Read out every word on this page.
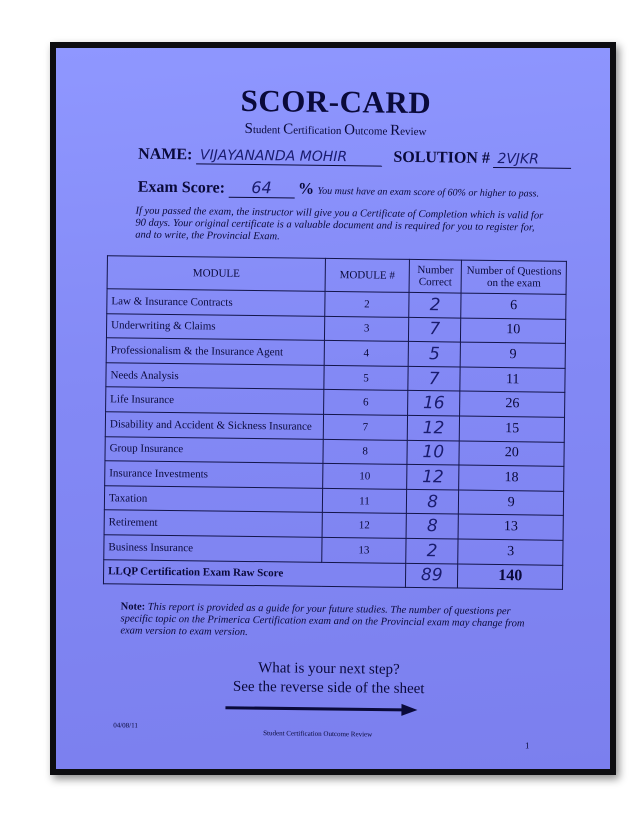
SCOR-CARD
Student Certification Outcome Review
NAME: VIJAYANANDA MOHIR	SOLUTION # 2VJKR
Exam Score: 64 % You must have an exam score of 60% or higher to pass.
If you passed the exam, the instructor will give you a Certificate of Completion which is valid for 90 days. Your original certificate is a valuable document and is required for you to register for, and to write, the Provincial Exam.
MODULE	MODULE #	Number Correct	Number of Questions on the exam
Law & Insurance Contracts	2	2	6
Underwriting & Claims	3	7	10
Professionalism & the Insurance Agent	4	5	9
Needs Analysis	5	7	11
Life Insurance	6	16	26
Disability and Accident & Sickness Insurance	7	12	15
Group Insurance	8	10	20
Insurance Investments	10	12	18
Taxation	11	8	9
Retirement	12	8	13
Business Insurance	13	2	3
LLQP Certification Exam Raw Score		89	140
Note: This report is provided as a guide for your future studies. The number of questions per specific topic on the Primerica Certification exam and on the Provincial exam may change from exam version to exam version.
What is your next step?
See the reverse side of the sheet
04/08/11
Student Certification Outcome Review
1
